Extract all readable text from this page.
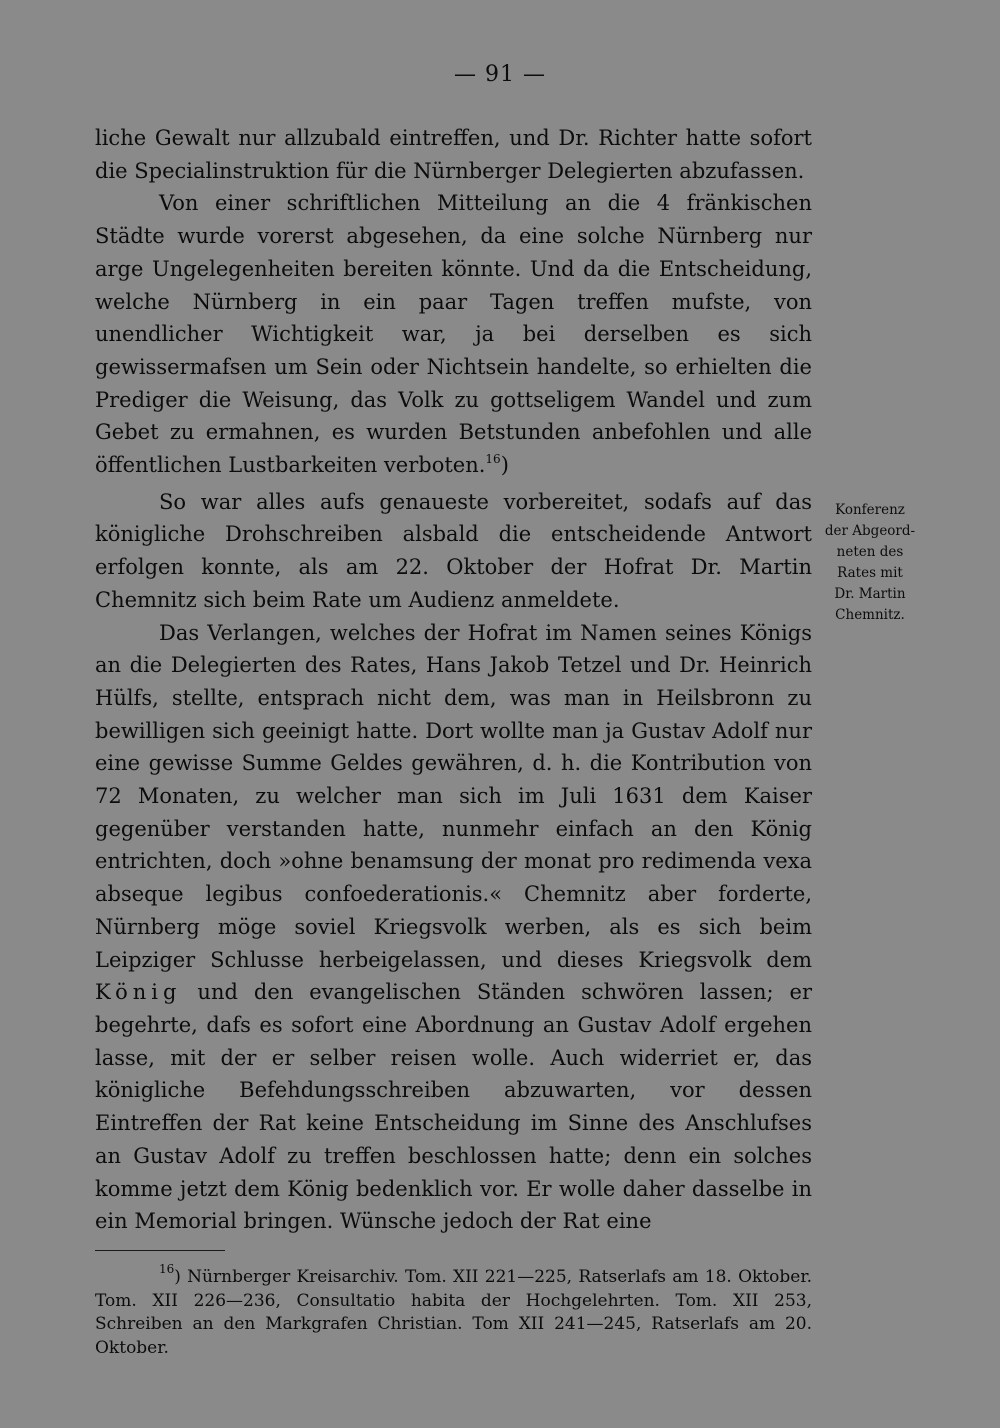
— 91 —

liche Gewalt nur allzubald eintreffen, und Dr. Richter hatte sofort die Specialinstruktion für die Nürnberger Delegierten abzufassen.

Von einer schriftlichen Mitteilung an die 4 fränkischen Städte wurde vorerst abgesehen, da eine solche Nürnberg nur arge Ungelegenheiten bereiten könnte. Und da die Entscheidung, welche Nürnberg in ein paar Tagen treffen mufste, von unendlicher Wichtigkeit war, ja bei derselben es sich gewissermafsen um Sein oder Nichtsein handelte, so erhielten die Prediger die Weisung, das Volk zu gottseligem Wandel und zum Gebet zu ermahnen, es wurden Betstunden anbefohlen und alle öffentlichen Lustbarkeiten verboten.$^{16}$)

So war alles aufs genaueste vorbereitet, sodafs auf das königliche Drohschreiben alsbald die entscheidende Antwort erfolgen konnte, als am 22. Oktober der Hofrat Dr. Martin Chemnitz sich beim Rate um Audienz anmeldete.

Das Verlangen, welches der Hofrat im Namen seines Königs an die Delegierten des Rates, Hans Jakob Tetzel und Dr. Heinrich Hülfs, stellte, entsprach nicht dem, was man in Heilsbronn zu bewilligen sich geeinigt hatte. Dort wollte man ja Gustav Adolf nur eine gewisse Summe Geldes gewähren, d. h. die Kontribution von 72 Monaten, zu welcher man sich im Juli 1631 dem Kaiser gegenüber verstanden hatte, nunmehr einfach an den König entrichten, doch »ohne benamsung der monat pro redimenda vexa abseque legibus confoederationis.« Chemnitz aber forderte, Nürnberg möge soviel Kriegsvolk werben, als es sich beim Leipziger Schlusse herbeigelassen, und dieses Kriegsvolk dem König und den evangelischen Ständen schwören lassen; er begehrte, dafs es sofort eine Abordnung an Gustav Adolf ergehen lasse, mit der er selber reisen wolle. Auch widerriet er, das königliche Befehdungsschreiben abzuwarten, vor dessen Eintreffen der Rat keine Entscheidung im Sinne des Anschlufses an Gustav Adolf zu treffen beschlossen hatte; denn ein solches komme jetzt dem König bedenklich vor. Er wolle daher dasselbe in ein Memorial bringen. Wünsche jedoch der Rat eine

Konferenz
der Abgeord-
neten des
Rates mit
Dr. Martin
Chemnitz.

$^{16}$) Nürnberger Kreisarchiv. Tom. XII 221—225, Ratserlafs am 18. Oktober. Tom. XII 226—236, Consultatio habita der Hochgelehrten. Tom. XII 253, Schreiben an den Markgrafen Christian. Tom XII 241—245, Ratserlafs am 20. Oktober.
